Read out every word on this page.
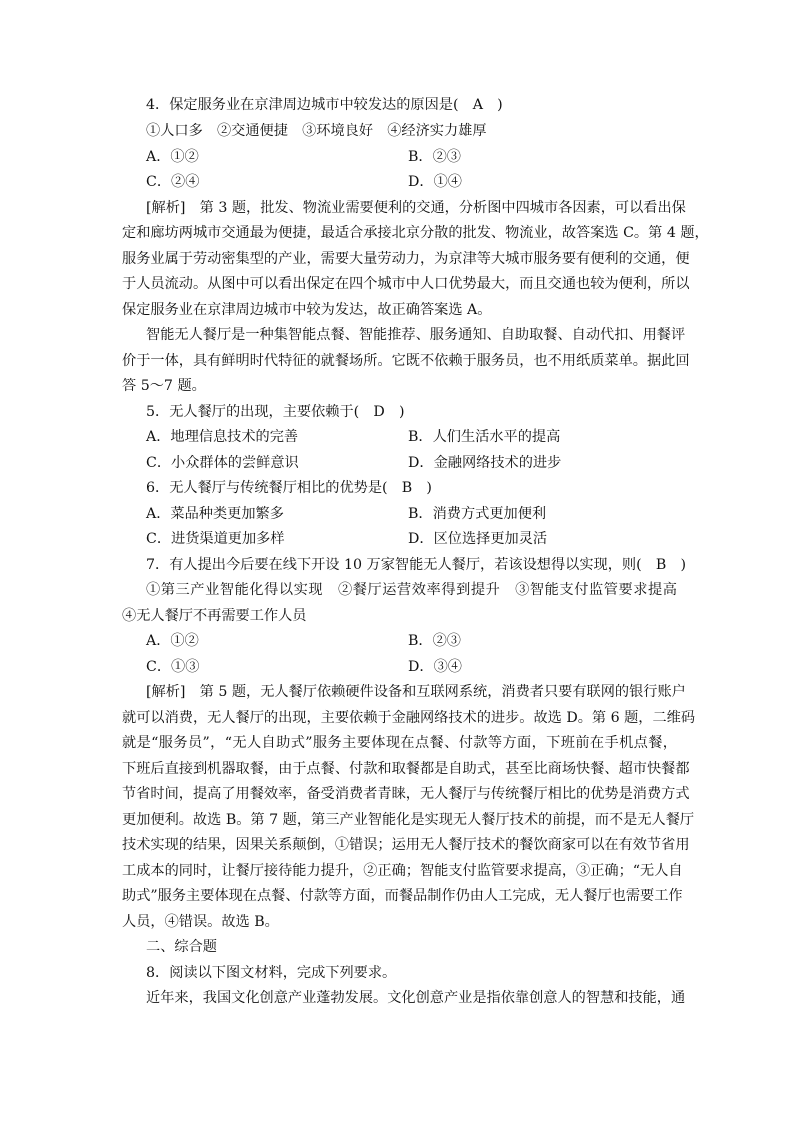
4．保定服务业在京津周边城市中较发达的原因是(　A　)
①人口多　②交通便捷　③环境良好　④经济实力雄厚
A．①②	B．②③
C．②④	D．①④
[解析]　第 3 题，批发、物流业需要便利的交通，分析图中四城市各因素，可以看出保
定和廊坊两城市交通最为便捷，最适合承接北京分散的批发、物流业，故答案选 C。第 4 题，
服务业属于劳动密集型的产业，需要大量劳动力，为京津等大城市服务要有便利的交通，便
于人员流动。从图中可以看出保定在四个城市中人口优势最大，而且交通也较为便利，所以
保定服务业在京津周边城市中较为发达，故正确答案选 A。
智能无人餐厅是一种集智能点餐、智能推荐、服务通知、自助取餐、自动代扣、用餐评
价于一体，具有鲜明时代特征的就餐场所。它既不依赖于服务员，也不用纸质菜单。据此回
答 5～7 题。
5．无人餐厅的出现，主要依赖于(　D　)
A．地理信息技术的完善	B．人们生活水平的提高
C．小众群体的尝鲜意识	D．金融网络技术的进步
6．无人餐厅与传统餐厅相比的优势是(　B　)
A．菜品种类更加繁多	B．消费方式更加便利
C．进货渠道更加多样	D．区位选择更加灵活
7．有人提出今后要在线下开设 10 万家智能无人餐厅，若该设想得以实现，则(　B　)
①第三产业智能化得以实现　②餐厅运营效率得到提升　③智能支付监管要求提高
④无人餐厅不再需要工作人员
A．①②	B．②③
C．①③	D．③④
[解析]　第 5 题，无人餐厅依赖硬件设备和互联网系统，消费者只要有联网的银行账户
就可以消费，无人餐厅的出现，主要依赖于金融网络技术的进步。故选 D。第 6 题，二维码
就是“服务员”，“无人自助式”服务主要体现在点餐、付款等方面，下班前在手机点餐，
下班后直接到机器取餐，由于点餐、付款和取餐都是自助式，甚至比商场快餐、超市快餐都
节省时间，提高了用餐效率，备受消费者青睐，无人餐厅与传统餐厅相比的优势是消费方式
更加便利。故选 B。第 7 题，第三产业智能化是实现无人餐厅技术的前提，而不是无人餐厅
技术实现的结果，因果关系颠倒，①错误；运用无人餐厅技术的餐饮商家可以在有效节省用
工成本的同时，让餐厅接待能力提升，②正确；智能支付监管要求提高，③正确；“无人自
助式”服务主要体现在点餐、付款等方面，而餐品制作仍由人工完成，无人餐厅也需要工作
人员，④错误。故选 B。
二、综合题
8．阅读以下图文材料，完成下列要求。
近年来，我国文化创意产业蓬勃发展。文化创意产业是指依靠创意人的智慧和技能，通
